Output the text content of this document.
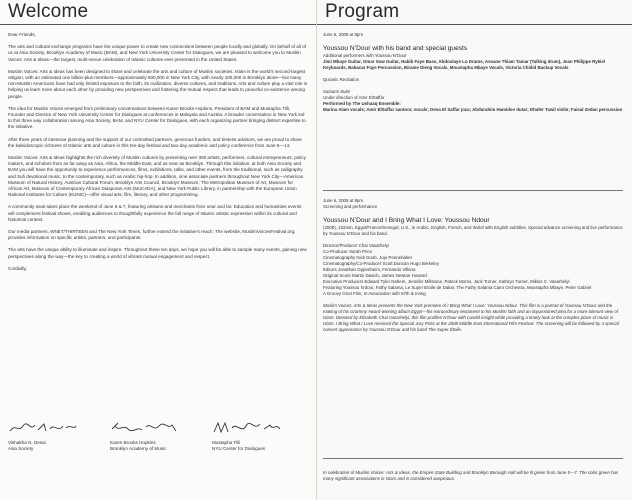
Welcome

Dear Friends,

The arts and cultural exchange programs have the unique power to create new connections between people locally and globally. On behalf of all of us at Asia Society, Brooklyn Academy of Music (BAM), and New York University Center for Dialogues, we are pleased to welcome you to Muslim Voices: Arts & Ideas—the largest, multi-venue celebration of Islamic cultures ever presented in the United States.

Muslim Voices: Arts & Ideas has been designed to share and celebrate the arts and culture of Muslim societies. Islam is the world’s second-largest religion, with an estimated one billion-plus members—approximately 600,000 in New York City, with nearly 100,000 in Brooklyn alone—but many non-Muslim Americans have had only limited exposure to the faith, its civilization, diverse cultures, and traditions. Arts and culture play a vital role in helping us learn more about each other by providing new perspectives and fostering the mutual respect that leads to peaceful co-existence among people.

The idea for Muslim Voices emerged from preliminary conversations between Karen Brooks Hopkins, President of BAM and Mustapha Tlili, Founder and Director of New York University Center for Dialogues at conferences in Malaysia and Austria. A broader conversation in New York led to this three way collaboration among Asia Society, BAM, and NYU Center for Dialogues, with each organizing partner bringing distinct expertise to the initiative.

After three years of intensive planning and the support of our committed partners, generous funders, and tireless advisors, we are proud to share the kaleidoscopic richness of Islamic arts and culture in this ten-day festival and two-day academic and policy conference from June 5—14.

Muslim Voices: Arts & Ideas highlights the rich diversity of Muslim cultures by presenting over 300 artists, performers, cultural entrepreneurs, policy makers, and scholars from as far away as Asia, Africa, the Middle East, and as near as Brooklyn. Through this initiative, at both Asia Society and BAM you will have the opportunity to experience performances, films, exhibitions, talks, and other events, from the traditional, such as calligraphy and Sufi devotional music, to the contemporary, such as Arabic hip-hop. In addition, nine associate partners throughout New York City—American Museum of Natural History, Austrian Cultural Forum, Brooklyn Arts Council, Brooklyn Museum, The Metropolitan Museum of Art, Museum for African Art, Museum of Contemporary African Diasporan Arts (MoCADA), and New York Public Library, in partnership with the European Union National Institutes for Culture (EUNIC)—offer visual arts, film, literary, and other programming.

A community souk takes place the weekend of June 6 & 7, featuring artisans and merchants from near and far. Education and humanities events will complement festival shows, enabling audiences to thoughtfully experience the full range of Islamic artistic expression within its cultural and historical context.

Our media partners, WNET/THIRTEEN and The New York Times, further extend the initiative’s reach. The website, MuslimVoicesFestival.org, provides information on specific artists, partners, and participants.

The arts have the unique ability to illuminate and inspire. Throughout these ten days, we hope you will be able to sample many events, gaining new perspectives along the way—the key to creating a world of vibrant mutual engagement and respect.

Cordially,

Vishakha N. Desai
Asia Society
Karen Brooks Hopkins
Brooklyn Academy of Music
Mustapha Tlili
NYU Center for Dialogues
Program

June 5, 2009 at 8pm

Youssou N’Dour with his band and special guests

Additional performers with Youssou N’Dour

Jimi Mbaye Guitar, Omar Sow Guitar, Habib Faye Bass, Abdoulaye Lo Drums, Assane Thiam Tamar (Talking drum), Jean Philippe Rykiel Keyboards, Babacar Faye Percussion, Birame Dieng Vocals, Moustapha Mbaye Vocals, Victoria Chidid Backup Vocals

Quranic Recitation

Salaami Suite

Under direction of Amir ElSaffar

Performed by The Ushaaq Ensemble:

Marina Alam vocals; Amir ElSaffar santoor, vocals; Dena El Saffar joza; Abdurahim Hamidov dutar; Dhafer Tawil violin; Faisal Zedan percussion

June 6, 2009 at 8pm

Screening and performance

Youssou N’Dour and I Bring What I Love: Youssou Ndour

(2008), 102min, Egypt/France/Senegal, U.S., in Arabic, English, French, and Wolof with English subtitles. Special advance screening and live performance by Youssou N’Dour and his band.

Director/Producer Chai Vasarhelyi

Co-Producer Sarah Price

Cinematography Nick Doob, Jojo Pennebaker

Cinematography/Co-Producer Scott Duncan Hugo Berkeley

Editors Jonathan Oppenheim, Fernando Villena

Original Score Martin Davich, James Newton Howard

Executive Producers Edward Tyler Nahem, Jennifer Millstone, Patrick Morris, Jack Turner, Kathryn Turner, Miklos C. Vasarhelyi

Featuring Youssou N’dour, Fathy Salama, Le Super Etoile de Dakar, The Fathy Salama Cairo Orchestra, Moustapha Mbaye, Peter Gabriel

A Groovy Griot Film, In Association with 57th & Irving

Muslim Voices: Arts & Ideas presents the New York premiere of I Bring What I Love: Youssou Ndour. This film is a portrait of Youssou N’Dour and the making of his Grammy Award-winning album Egypt—his extraordinary testament to his Muslim faith and an impassioned plea for a more tolerant view of Islam. Directed by Elizabeth Chai Vasarhelyi, this film profiles N’Dour with candid insight while providing a timely look at the complex place of music in Islam. I Bring What I Love received the Special Jury Prize at the 2008 Middle East International Film Festival. The screening will be followed by a special concert appearance by Youssou N’Dour and his band The Super Étoile.

In celebration of Muslim Voices: Arts & Ideas, the Empire State Building and Brooklyn Borough Hall will be lit green from June 5—7. The color green has many significant associations in Islam and is considered auspicious.
